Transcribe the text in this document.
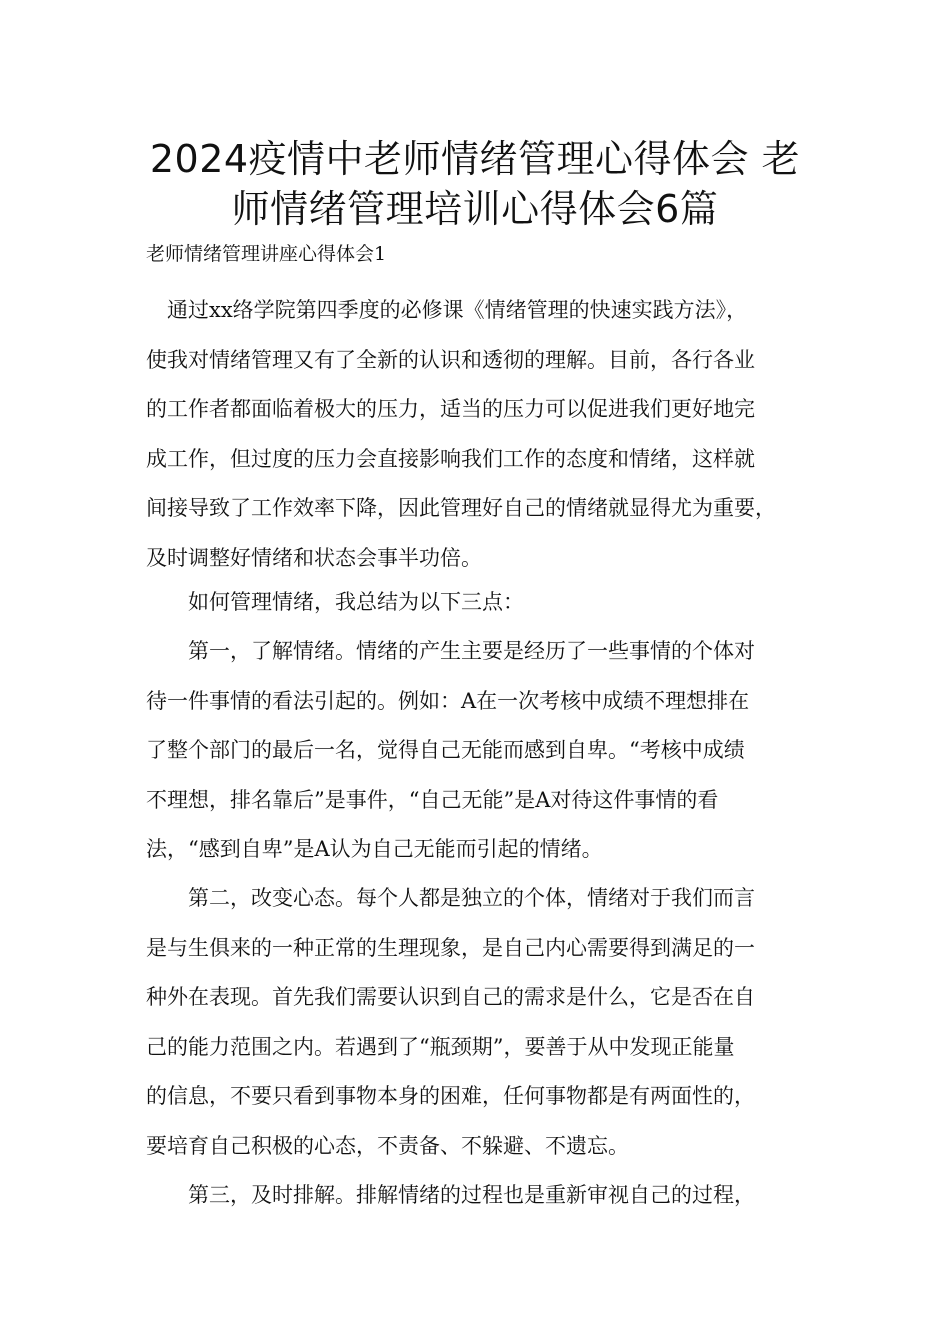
2024疫情中老师情绪管理心得体会 老
师情绪管理培训心得体会6篇

老师情绪管理讲座心得体会1

　通过xx络学院第四季度的必修课《情绪管理的快速实践方法》，
使我对情绪管理又有了全新的认识和透彻的理解。目前，各行各业
的工作者都面临着极大的压力，适当的压力可以促进我们更好地完
成工作，但过度的压力会直接影响我们工作的态度和情绪，这样就
间接导致了工作效率下降，因此管理好自己的情绪就显得尤为重要，
及时调整好情绪和状态会事半功倍。
　　如何管理情绪，我总结为以下三点：
　　第一，了解情绪。情绪的产生主要是经历了一些事情的个体对
待一件事情的看法引起的。例如：A在一次考核中成绩不理想排在
了整个部门的最后一名，觉得自己无能而感到自卑。“考核中成绩
不理想，排名靠后”是事件，“自己无能”是A对待这件事情的看
法，“感到自卑”是A认为自己无能而引起的情绪。
　　第二，改变心态。每个人都是独立的个体，情绪对于我们而言
是与生俱来的一种正常的生理现象，是自己内心需要得到满足的一
种外在表现。首先我们需要认识到自己的需求是什么，它是否在自
己的能力范围之内。若遇到了“瓶颈期”，要善于从中发现正能量
的信息，不要只看到事物本身的困难，任何事物都是有两面性的，
要培育自己积极的心态，不责备、不躲避、不遗忘。
　　第三，及时排解。排解情绪的过程也是重新审视自己的过程，
